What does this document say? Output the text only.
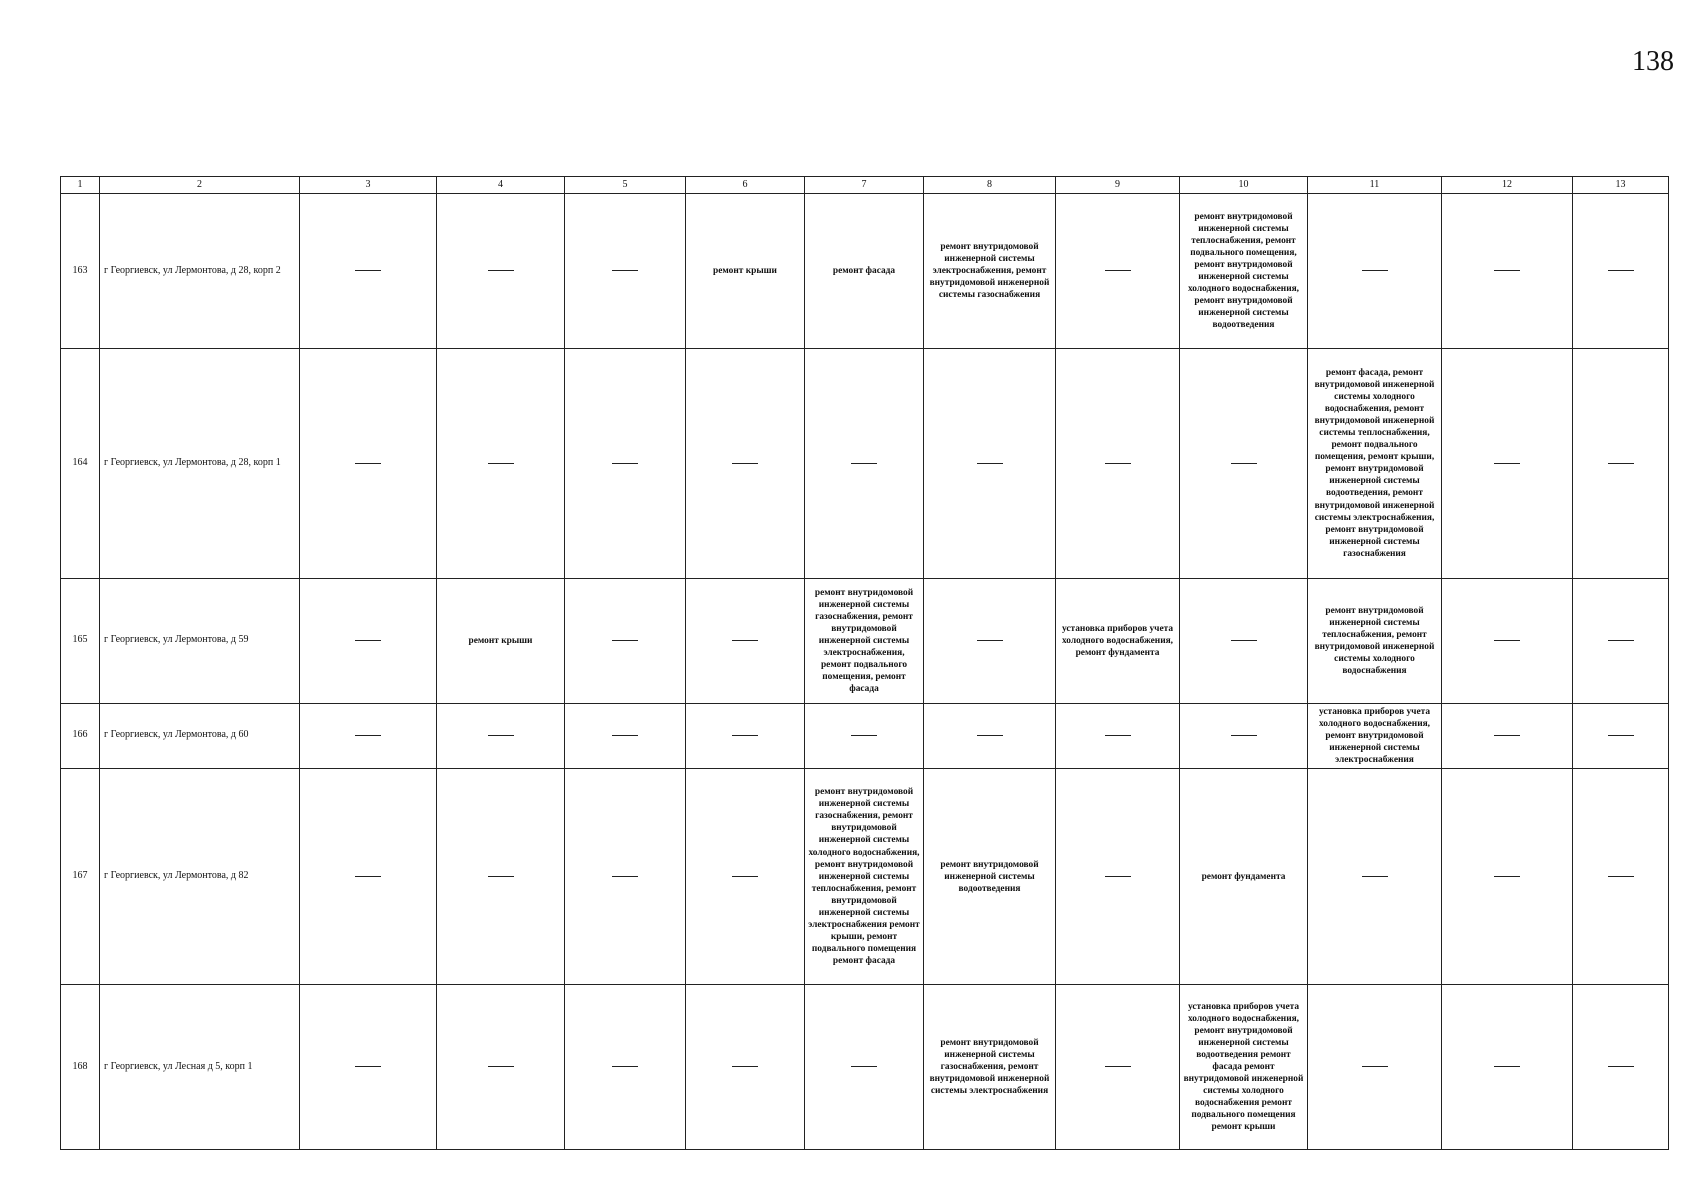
138
1	2	3	4	5	6	7	8	9	10	11	12	13
163	г Георгиевск, ул Лермонтова, д 28, корп 2				ремонт крыши	ремонт фасада	ремонт внутридомовой инженерной системы электроснабжения, ремонт внутридомовой инженерной системы газоснабжения		ремонт внутридомовой инженерной системы теплоснабжения, ремонт подвального помещения, ремонт внутридомовой инженерной системы холодного водоснабжения, ремонт внутридомовой инженерной системы водоотведения			
164	г Георгиевск, ул Лермонтова, д 28, корп 1									ремонт фасада, ремонт внутридомовой инженерной системы холодного водоснабжения, ремонт внутридомовой инженерной системы теплоснабжения, ремонт подвального помещения, ремонт крыши, ремонт внутридомовой инженерной системы водоотведения, ремонт внутридомовой инженерной системы электроснабжения, ремонт внутридомовой инженерной системы газоснабжения		
165	г Георгиевск, ул Лермонтова, д 59		ремонт крыши			ремонт внутридомовой инженерной системы газоснабжения, ремонт внутридомовой инженерной системы электроснабжения, ремонт подвального помещения, ремонт фасада		установка приборов учета холодного водоснабжения, ремонт фундамента		ремонт внутридомовой инженерной системы теплоснабжения, ремонт внутридомовой инженерной системы холодного водоснабжения		
166	г Георгиевск, ул Лермонтова, д 60									установка приборов учета холодного водоснабжения, ремонт внутридомовой инженерной системы электроснабжения		
167	г Георгиевск, ул Лермонтова, д 82					ремонт внутридомовой инженерной системы газоснабжения, ремонт внутридомовой инженерной системы холодного водоснабжения, ремонт внутридомовой инженерной системы теплоснабжения, ремонт внутридомовой инженерной системы электроснабжения ремонт крыши, ремонт подвального помещения ремонт фасада	ремонт внутридомовой инженерной системы водоотведения		ремонт фундамента			
168	г Георгиевск, ул Лесная д 5, корп 1						ремонт внутридомовой инженерной системы газоснабжения, ремонт внутридомовой инженерной системы электроснабжения		установка приборов учета холодного водоснабжения, ремонт внутридомовой инженерной системы водоотведения ремонт фасада ремонт внутридомовой инженерной системы холодного водоснабжения ремонт подвального помещения ремонт крыши			
